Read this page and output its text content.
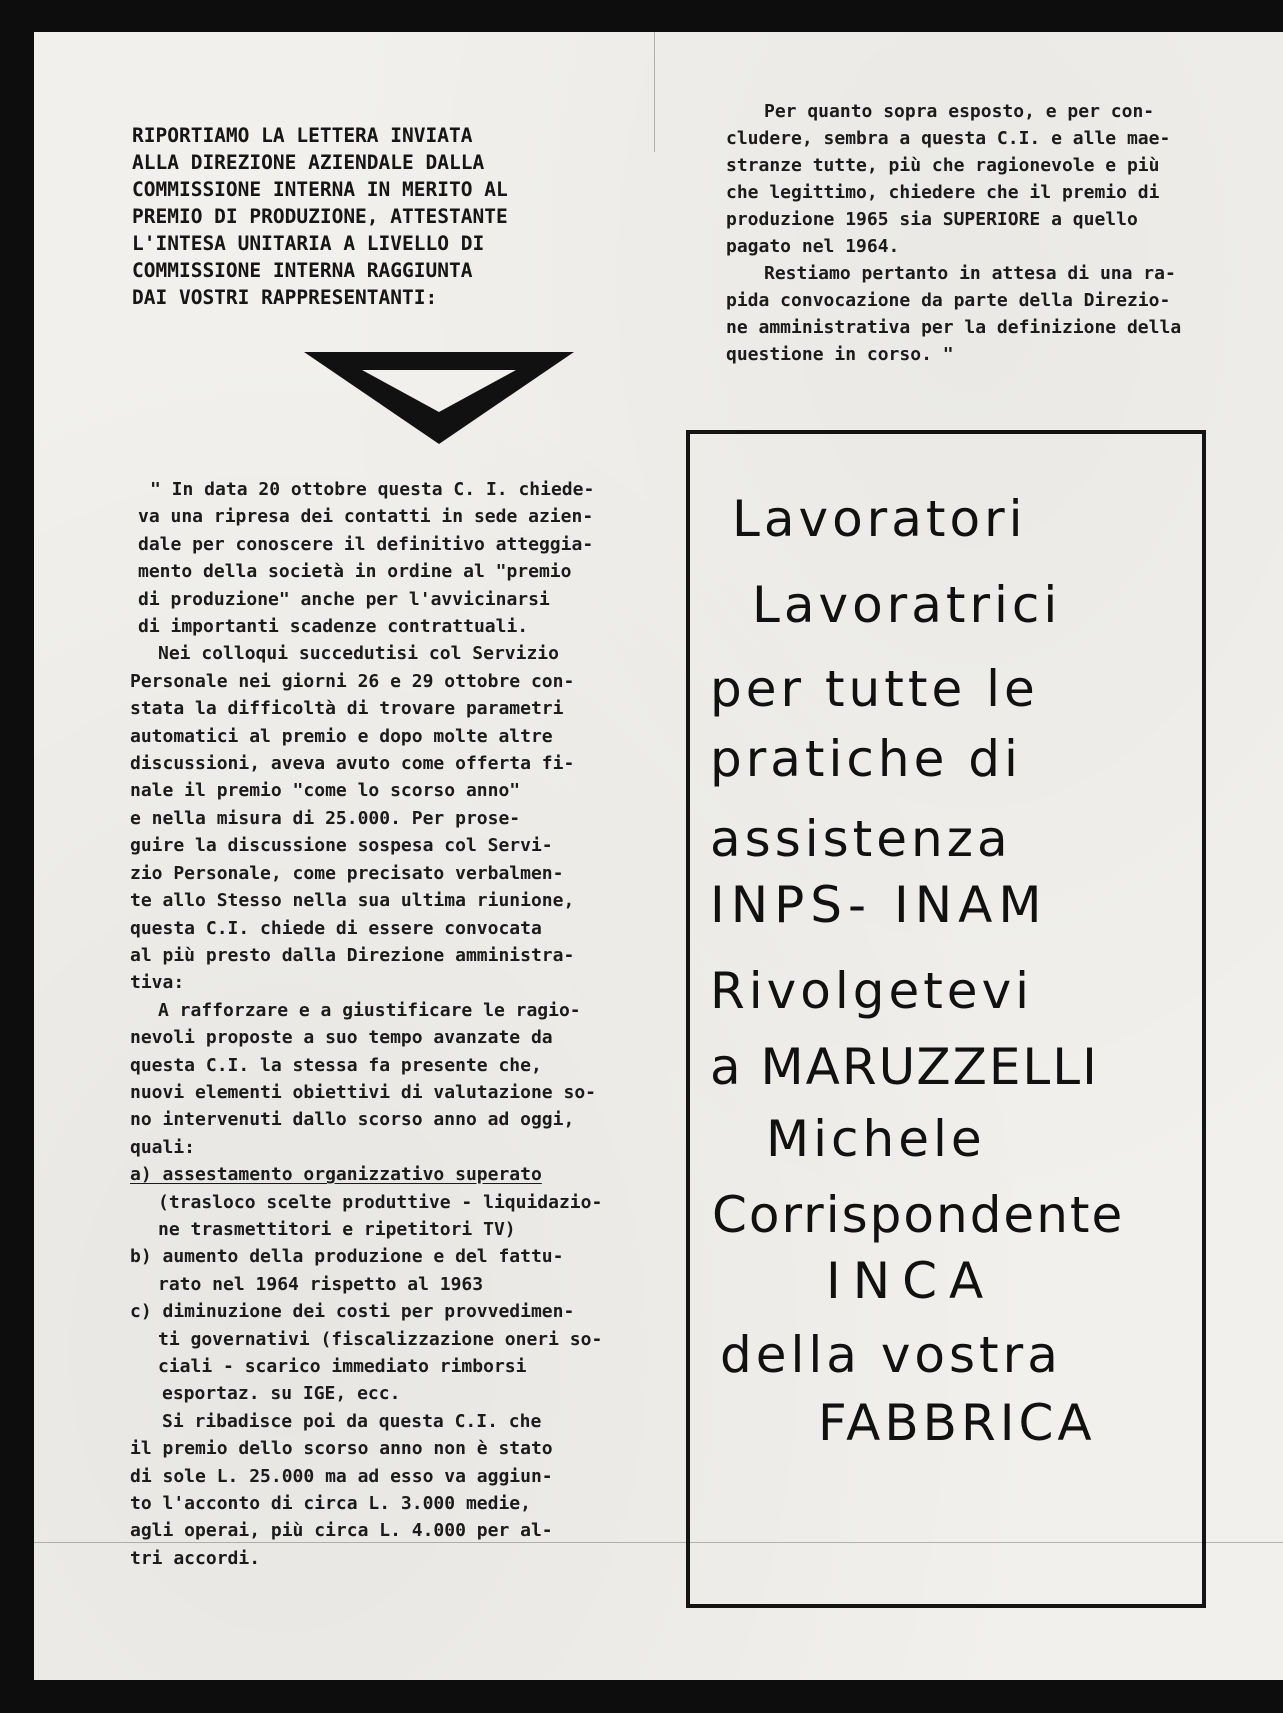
RIPORTIAMO LA LETTERA INVIATA
ALLA DIREZIONE AZIENDALE DALLA
COMMISSIONE INTERNA IN MERITO AL
PREMIO DI PRODUZIONE, ATTESTANTE
L'INTESA UNITARIA A LIVELLO DI
COMMISSIONE INTERNA RAGGIUNTA
DAI VOSTRI RAPPRESENTANTI:
" In data 20 ottobre questa C. I. chiede-
va una ripresa dei contatti in sede azien-
dale per conoscere il definitivo atteggia-
mento della società in ordine al "premio
di produzione" anche per l'avvicinarsi
di importanti scadenze contrattuali.
Nei colloqui succedutisi col Servizio
Personale nei giorni 26 e 29 ottobre con-
stata la difficoltà di trovare parametri
automatici al premio e dopo molte altre
discussioni, aveva avuto come offerta fi-
nale il premio "come lo scorso anno"
e nella misura di 25.000. Per prose-
guire la discussione sospesa col Servi-
zio Personale, come precisato verbalmen-
te allo Stesso nella sua ultima riunione,
questa C.I. chiede di essere convocata
al più presto dalla Direzione amministra-
tiva:
A rafforzare e a giustificare le ragio-
nevoli proposte a suo tempo avanzate da
questa C.I. la stessa fa presente che,
nuovi elementi obiettivi di valutazione so-
no intervenuti dallo scorso anno ad oggi,
quali:
a) assestamento organizzativo superato
(trasloco scelte produttive - liquidazio-
ne trasmettitori e ripetitori TV)
b) aumento della produzione e del fattu-
rato nel 1964 rispetto al 1963
c) diminuzione dei costi per provvedimen-
ti governativi (fiscalizzazione oneri so-
ciali - scarico immediato rimborsi
esportaz. su IGE, ecc.
Si ribadisce poi da questa C.I. che
il premio dello scorso anno non è stato
di sole L. 25.000 ma ad esso va aggiun-
to l'acconto di circa L. 3.000 medie,
agli operai, più circa L. 4.000 per al-
tri accordi.
Per quanto sopra esposto, e per con-
cludere, sembra a questa C.I. e alle mae-
stranze tutte, più che ragionevole e più
che legittimo, chiedere che il premio di
produzione 1965 sia SUPERIORE a quello
pagato nel 1964.
Restiamo pertanto in attesa di una ra-
pida convocazione da parte della Direzio-
ne amministrativa per la definizione della
questione in corso. "
Lavoratori
Lavoratrici
per tutte le
pratiche di
assistenza
INPS- INAM
Rivolgetevi
a MARUZZELLI
Michele
Corrispondente
INCA
della vostra
FABBRICA
